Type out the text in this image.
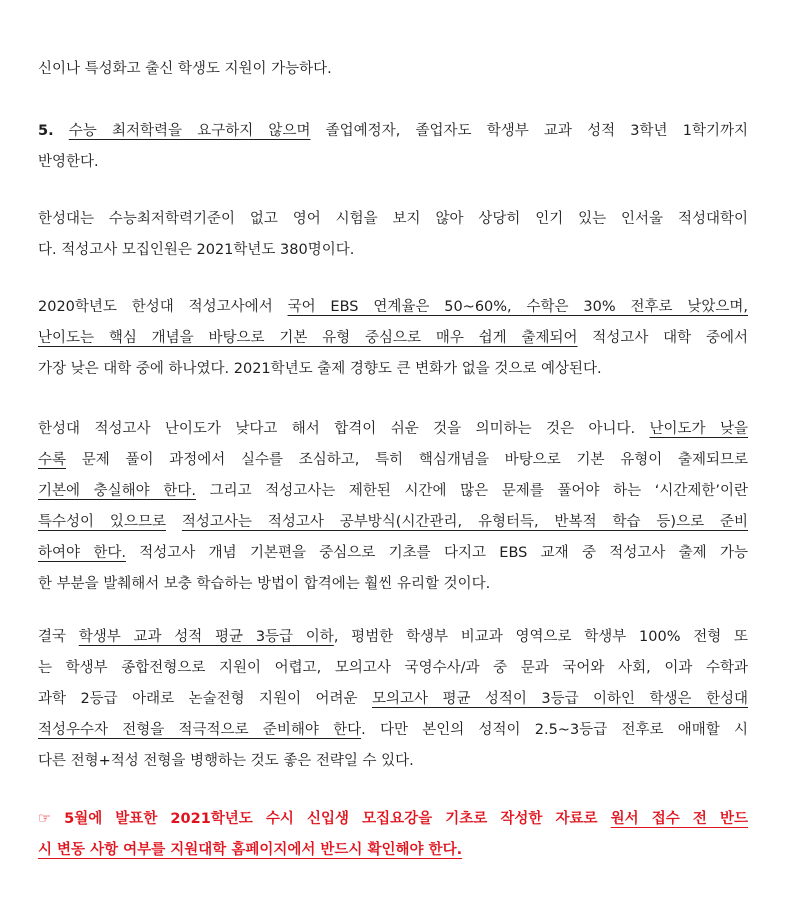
신이나 특성화고 출신 학생도 지원이 가능하다.
5. 수능 최저학력을 요구하지 않으며 졸업예정자, 졸업자도 학생부 교과 성적 3학년 1학기까지
반영한다.
한성대는 수능최저학력기준이 없고 영어 시험을 보지 않아 상당히 인기 있는 인서울 적성대학이
다. 적성고사 모집인원은 2021학년도 380명이다.
2020학년도 한성대 적성고사에서 국어 EBS 연계율은 50~60%, 수학은 30% 전후로 낮았으며,
난이도는 핵심 개념을 바탕으로 기본 유형 중심으로 매우 쉽게 출제되어 적성고사 대학 중에서
가장 낮은 대학 중에 하나였다. 2021학년도 출제 경향도 큰 변화가 없을 것으로 예상된다.
한성대 적성고사 난이도가 낮다고 해서 합격이 쉬운 것을 의미하는 것은 아니다. 난이도가 낮을
수록 문제 풀이 과정에서 실수를 조심하고, 특히 핵심개념을 바탕으로 기본 유형이 출제되므로
기본에 충실해야 한다. 그리고 적성고사는 제한된 시간에 많은 문제를 풀어야 하는 ‘시간제한’이란
특수성이 있으므로 적성고사는 적성고사 공부방식(시간관리, 유형터득, 반복적 학습 등)으로 준비
하여야 한다. 적성고사 개념 기본편을 중심으로 기초를 다지고 EBS 교재 중 적성고사 출제 가능
한 부분을 발췌해서 보충 학습하는 방법이 합격에는 훨씬 유리할 것이다.
결국 학생부 교과 성적 평균 3등급 이하, 평범한 학생부 비교과 영역으로 학생부 100% 전형 또
는 학생부 종합전형으로 지원이 어렵고, 모의고사 국영수사/과 중 문과 국어와 사회, 이과 수학과
과학 2등급 아래로 논술전형 지원이 어려운 모의고사 평균 성적이 3등급 이하인 학생은 한성대
적성우수자 전형을 적극적으로 준비해야 한다. 다만 본인의 성적이 2.5~3등급 전후로 애매할 시
다른 전형+적성 전형을 병행하는 것도 좋은 전략일 수 있다.
☞ 5월에 발표한 2021학년도 수시 신입생 모집요강을 기초로 작성한 자료로 원서 접수 전 반드
시 변동 사항 여부를 지원대학 홈페이지에서 반드시 확인해야 한다.
